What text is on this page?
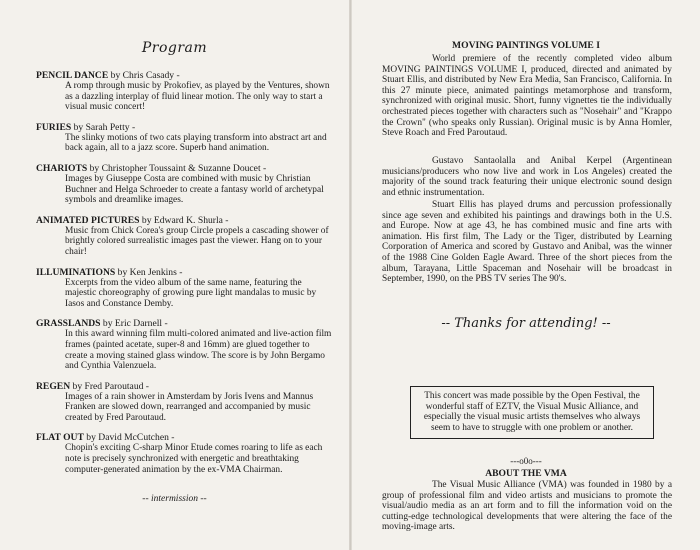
Program
PENCIL DANCE by Chris Casady -
A romp through music by Prokofiev, as played by the Ventures, shown as a dazzling interplay of fluid linear motion. The only way to start a visual music concert!
FURIES by Sarah Petty -
The slinky motions of two cats playing transform into abstract art and back again, all to a jazz score. Superb hand animation.
CHARIOTS by Christopher Toussaint & Suzanne Doucet -
Images by Giuseppe Costa are combined with music by Christian Buchner and Helga Schroeder to create a fantasy world of archetypal symbols and dreamlike images.
ANIMATED PICTURES by Edward K. Shurla -
Music from Chick Corea's group Circle propels a cascading shower of brightly colored surrealistic images past the viewer. Hang on to your chair!
ILLUMINATIONS by Ken Jenkins -
Excerpts from the video album of the same name, featuring the majestic choreography of growing pure light mandalas to music by Iasos and Constance Demby.
GRASSLANDS by Eric Darnell -
In this award winning film multi-colored animated and live-action film frames (painted acetate, super-8 and 16mm) are glued together to create a moving stained glass window. The score is by John Bergamo and Cynthia Valenzuela.
REGEN by Fred Paroutaud -
Images of a rain shower in Amsterdam by Joris Ivens and Mannus Franken are slowed down, rearranged and accompanied by music created by Fred Paroutaud.
FLAT OUT by David McCutchen -
Chopin's exciting C-sharp Minor Etude comes roaring to life as each note is precisely synchronized with energetic and breathtaking computer-generated animation by the ex-VMA Chairman.
-- intermission --
MOVING PAINTINGS VOLUME I

World premiere of the recently completed video album MOVING PAINTINGS VOLUME I, produced, directed and animated by Stuart Ellis, and distributed by New Era Media, San Francisco, California. In this 27 minute piece, animated paintings metamorphose and transform, synchronized with original music. Short, funny vignettes tie the individually orchestrated pieces together with characters such as "Nosehair" and "Krappo the Crown" (who speaks only Russian). Original music is by Anna Homler, Steve Roach and Fred Paroutaud.

Gustavo Santaolalla and Anibal Kerpel (Argentinean musicians/producers who now live and work in Los Angeles) created the majority of the sound track featuring their unique electronic sound design and ethnic instrumentation.

Stuart Ellis has played drums and percussion professionally since age seven and exhibited his paintings and drawings both in the U.S. and Europe. Now at age 43, he has combined music and fine arts with animation. His first film, The Lady or the Tiger, distributed by Learning Corporation of America and scored by Gustavo and Anibal, was the winner of the 1988 Cine Golden Eagle Award. Three of the short pieces from the album, Tarayana, Little Spaceman and Nosehair will be broadcast in September, 1990, on the PBS TV series The 90's.

-- Thanks for attending! --
This concert was made possible by the Open Festival, the wonderful staff of EZTV, the Visual Music Alliance, and especially the visual music artists themselves who always seem to have to struggle with one problem or another.
---o0o---
ABOUT THE VMA

The Visual Music Alliance (VMA) was founded in 1980 by a group of professional film and video artists and musicians to promote the visual/audio media as an art form and to fill the information void on the cutting-edge technological developments that were altering the face of the moving-image arts.
